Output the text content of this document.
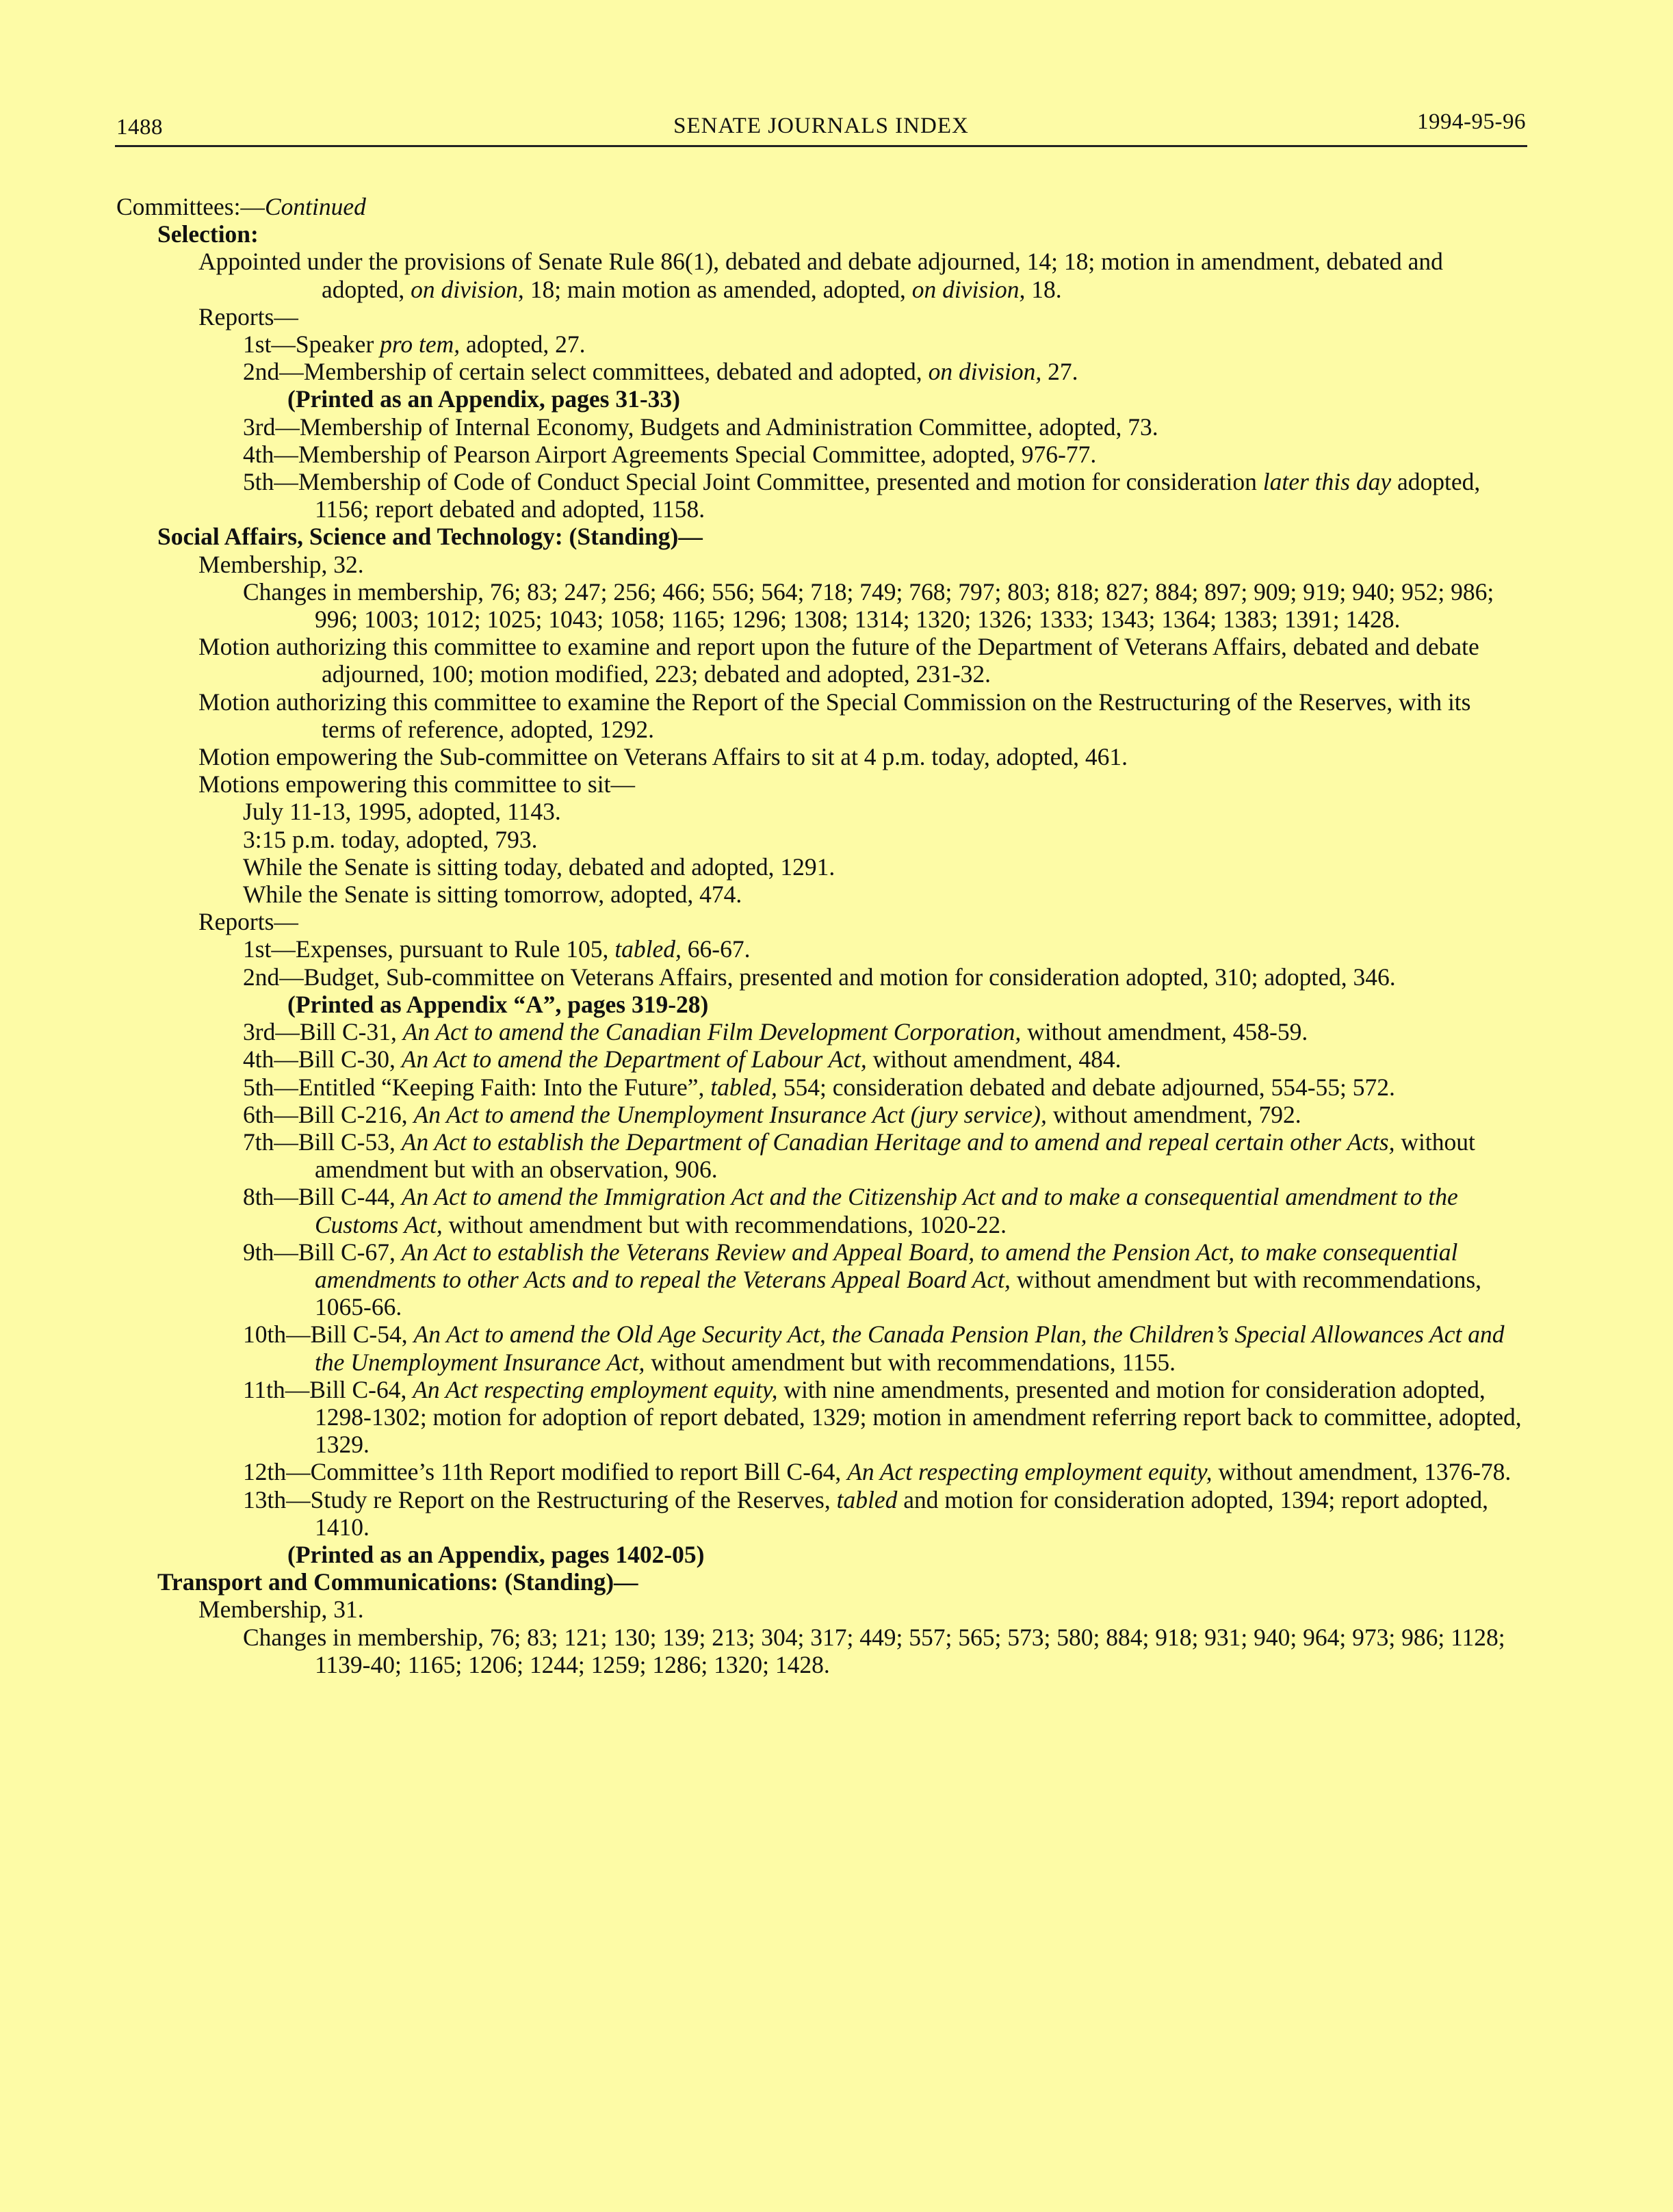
1488	SENATE JOURNALS INDEX	1994-95-96
Committees:—Continued
Selection:
Appointed under the provisions of Senate Rule 86(1), debated and debate adjourned, 14; 18; motion in amendment, debated and adopted, on division, 18; main motion as amended, adopted, on division, 18.
Reports—
1st—Speaker pro tem, adopted, 27.
2nd—Membership of certain select committees, debated and adopted, on division, 27.
(Printed as an Appendix, pages 31-33)
3rd—Membership of Internal Economy, Budgets and Administration Committee, adopted, 73.
4th—Membership of Pearson Airport Agreements Special Committee, adopted, 976-77.
5th—Membership of Code of Conduct Special Joint Committee, presented and motion for consideration later this day adopted, 1156; report debated and adopted, 1158.
Social Affairs, Science and Technology: (Standing)—
Membership, 32.
Changes in membership, 76; 83; 247; 256; 466; 556; 564; 718; 749; 768; 797; 803; 818; 827; 884; 897; 909; 919; 940; 952; 986; 996; 1003; 1012; 1025; 1043; 1058; 1165; 1296; 1308; 1314; 1320; 1326; 1333; 1343; 1364; 1383; 1391; 1428.
Motion authorizing this committee to examine and report upon the future of the Department of Veterans Affairs, debated and debate adjourned, 100; motion modified, 223; debated and adopted, 231-32.
Motion authorizing this committee to examine the Report of the Special Commission on the Restructuring of the Reserves, with its terms of reference, adopted, 1292.
Motion empowering the Sub-committee on Veterans Affairs to sit at 4 p.m. today, adopted, 461.
Motions empowering this committee to sit—
July 11-13, 1995, adopted, 1143.
3:15 p.m. today, adopted, 793.
While the Senate is sitting today, debated and adopted, 1291.
While the Senate is sitting tomorrow, adopted, 474.
Reports—
1st—Expenses, pursuant to Rule 105, tabled, 66-67.
2nd—Budget, Sub-committee on Veterans Affairs, presented and motion for consideration adopted, 310; adopted, 346.
(Printed as Appendix “A”, pages 319-28)
3rd—Bill C-31, An Act to amend the Canadian Film Development Corporation, without amendment, 458-59.
4th—Bill C-30, An Act to amend the Department of Labour Act, without amendment, 484.
5th—Entitled “Keeping Faith: Into the Future”, tabled, 554; consideration debated and debate adjourned, 554-55; 572.
6th—Bill C-216, An Act to amend the Unemployment Insurance Act (jury service), without amendment, 792.
7th—Bill C-53, An Act to establish the Department of Canadian Heritage and to amend and repeal certain other Acts, without amendment but with an observation, 906.
8th—Bill C-44, An Act to amend the Immigration Act and the Citizenship Act and to make a consequential amendment to the Customs Act, without amendment but with recommendations, 1020-22.
9th—Bill C-67, An Act to establish the Veterans Review and Appeal Board, to amend the Pension Act, to make consequential amendments to other Acts and to repeal the Veterans Appeal Board Act, without amendment but with recommendations, 1065-66.
10th—Bill C-54, An Act to amend the Old Age Security Act, the Canada Pension Plan, the Children’s Special Allowances Act and the Unemployment Insurance Act, without amendment but with recommendations, 1155.
11th—Bill C-64, An Act respecting employment equity, with nine amendments, presented and motion for consideration adopted, 1298-1302; motion for adoption of report debated, 1329; motion in amendment referring report back to committee, adopted, 1329.
12th—Committee’s 11th Report modified to report Bill C-64, An Act respecting employment equity, without amendment, 1376-78.
13th—Study re Report on the Restructuring of the Reserves, tabled and motion for consideration adopted, 1394; report adopted, 1410.
(Printed as an Appendix, pages 1402-05)
Transport and Communications: (Standing)—
Membership, 31.
Changes in membership, 76; 83; 121; 130; 139; 213; 304; 317; 449; 557; 565; 573; 580; 884; 918; 931; 940; 964; 973; 986; 1128; 1139-40; 1165; 1206; 1244; 1259; 1286; 1320; 1428.
